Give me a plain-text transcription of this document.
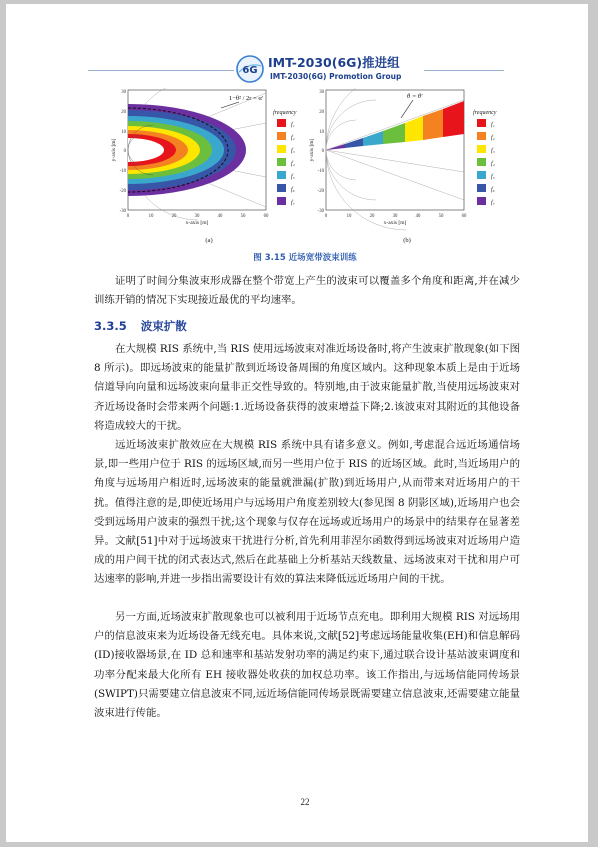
6G
IMT-2030(6G)推进组
IMT-2030(6G) Promotion Group
1−θ² / 2r = α′
30
20
10
0
-10
-20
-30
0	10	20	30	40	50	60
x-axis [m]
y-axis [m]
frequency
f₁
f₂
f₃
f₄
f₅
f₆
f₇
θ = θ′
30
20
10
0
-10
-20
-30
0	10	20	30	40	50	60
x-axis [m]
y-axis [m]
frequency
f₁
f₂
f₃
f₄
f₅
f₆
f₇
(a)	(b)
图 3.15 近场宽带波束训练

证明了时间分集波束形成器在整个带宽上产生的波束可以覆盖多个角度和距离,并在减少训练开销的情况下实现接近最优的平均速率。

3.3.5 波束扩散

在大规模 RIS 系统中,当 RIS 使用远场波束对准近场设备时,将产生波束扩散现象(如下图 8 所示)。即远场波束的能量扩散到近场设备周围的角度区域内。这种现象本质上是由于近场信道导向向量和远场波束向量非正交性导致的。特别地,由于波束能量扩散,当使用远场波束对齐近场设备时会带来两个问题:1.近场设备获得的波束增益下降;2.该波束对其附近的其他设备将造成较大的干扰。

远近场波束扩散效应在大规模 RIS 系统中具有诸多意义。例如,考虑混合远近场通信场景,即一些用户位于 RIS 的远场区域,而另一些用户位于 RIS 的近场区域。此时,当近场用户的角度与远场用户相近时,远场波束的能量就泄漏(扩散)到近场用户,从而带来对近场用户的干扰。值得注意的是,即使近场用户与远场用户角度差别较大(参见图 8 阴影区域),近场用户也会受到远场用户波束的强烈干扰;这个现象与仅存在远场或近场用户的场景中的结果存在显著差异。文献[51]中对于远场波束干扰进行分析,首先利用菲涅尔函数得到远场波束对近场用户造成的用户间干扰的闭式表达式,然后在此基础上分析基站天线数量、远场波束对干扰和用户可达速率的影响,并进一步指出需要设计有效的算法来降低远近场用户间的干扰。

另一方面,近场波束扩散现象也可以被利用于近场节点充电。即利用大规模 RIS 对远场用户的信息波束来为近场设备无线充电。具体来说,文献[52]考虑远场能量收集(EH)和信息解码(ID)接收器场景,在 ID 总和速率和基站发射功率的满足约束下,通过联合设计基站波束调度和功率分配来最大化所有 EH 接收器处收获的加权总功率。该工作指出,与远场信能同传场景(SWIPT)只需要建立信息波束不同,远近场信能同传场景既需要建立信息波束,还需要建立能量波束进行传能。

22
